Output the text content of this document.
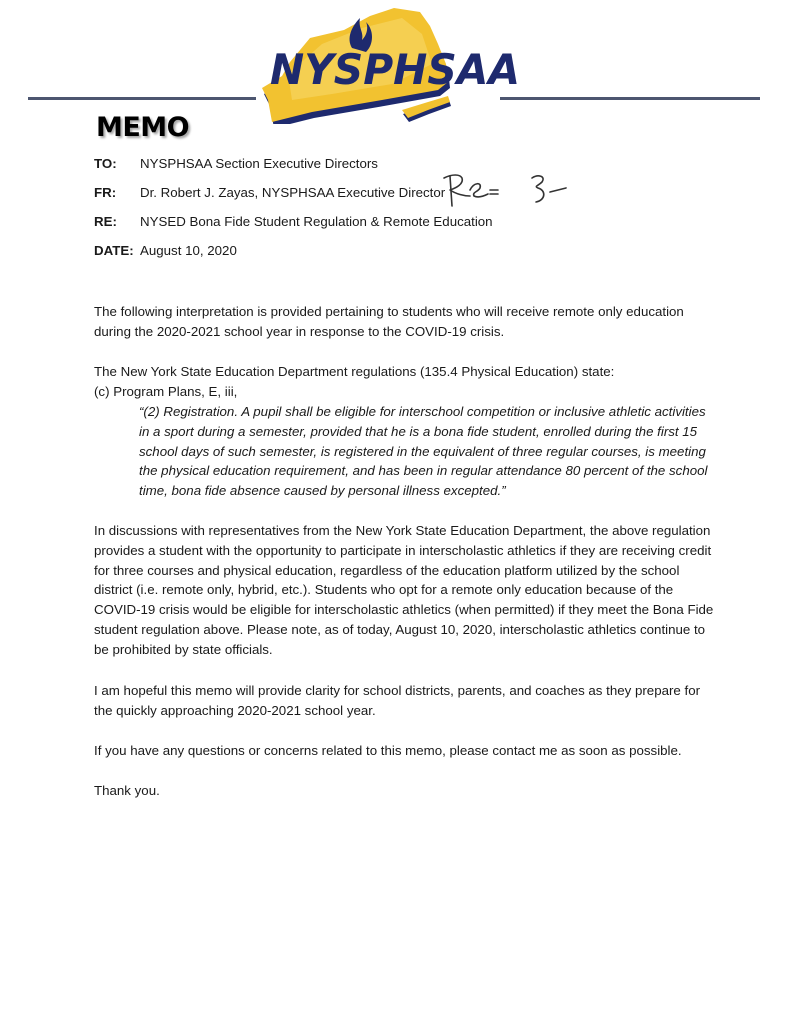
NYSPHSAA
MEMO
TO:	NYSPHSAA Section Executive Directors
FR:	Dr. Robert J. Zayas, NYSPHSAA Executive Director
RE:	NYSED Bona Fide Student Regulation & Remote Education
DATE: August 10, 2020

The following interpretation is provided pertaining to students who will receive remote only education during the 2020-2021 school year in response to the COVID-19 crisis.

The New York State Education Department regulations (135.4 Physical Education) state:

(c) Program Plans, E, iii,

“(2) Registration. A pupil shall be eligible for interschool competition or inclusive athletic activities in a sport during a semester, provided that he is a bona fide student, enrolled during the first 15 school days of such semester, is registered in the equivalent of three regular courses, is meeting the physical education requirement, and has been in regular attendance 80 percent of the school time, bona fide absence caused by personal illness excepted.”

In discussions with representatives from the New York State Education Department, the above regulation provides a student with the opportunity to participate in interscholastic athletics if they are receiving credit for three courses and physical education, regardless of the education platform utilized by the school district (i.e. remote only, hybrid, etc.). Students who opt for a remote only education because of the COVID-19 crisis would be eligible for interscholastic athletics (when permitted) if they meet the Bona Fide student regulation above. Please note, as of today, August 10, 2020, interscholastic athletics continue to be prohibited by state officials.

I am hopeful this memo will provide clarity for school districts, parents, and coaches as they prepare for the quickly approaching 2020-2021 school year.

If you have any questions or concerns related to this memo, please contact me as soon as possible.

Thank you.
